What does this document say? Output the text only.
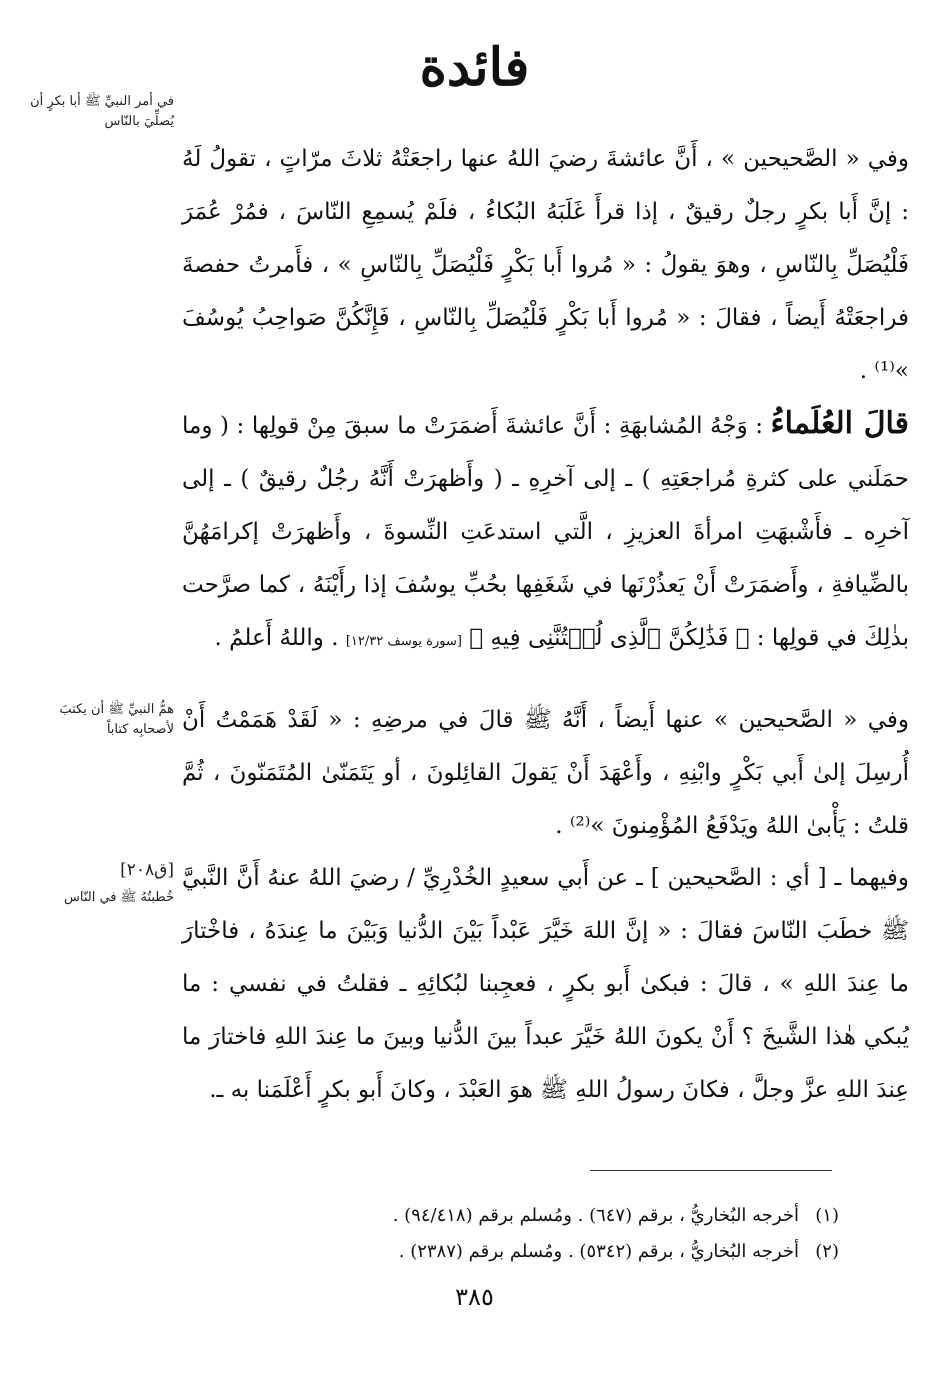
فائدة
في أمر النبيِّ ﷺ أبا بكرٍ أن يُصلِّيَ بالنّاس
همُّ النبيِّ ﷺ أن يكتبَ لأصحابِه كتاباً
[ق٢٠٨]
خُطبتُهُ ﷺ في النّاس
وفي « الصَّحيحين » ، أَنَّ عائشةَ رضيَ اللهُ عنها راجعَتْهُ ثلاثَ مرّاتٍ ، تقولُ لَهُ : إنَّ أَبا بكرٍ رجلٌ رقيقٌ ، إذا قرأَ غَلَبَهُ البُكاءُ ، فلَمْ يُسمِعِ النّاسَ ، فمُرْ عُمَرَ فَلْيُصَلِّ بِالنّاسِ ، وهوَ يقولُ : « مُروا أَبا بَكْرٍ فَلْيُصَلِّ بِالنّاسِ » ، فأَمرتُ حفصةَ فراجعَتْهُ أَيضاً ، فقالَ : « مُروا أَبا بَكْرٍ فَلْيُصَلِّ بِالنّاسِ ، فَإِنَّكُنَّ صَواحِبُ يُوسُفَ »⁽¹⁾ .
قالَ العُلَماءُ : وَجْهُ المُشابهَةِ : أَنَّ عائشةَ أَضمَرَتْ ما سبقَ مِنْ قولِها : ( وما حمَلَني على كثرةِ مُراجعَتِهِ ) ـ إلى آخرِهِ ـ ( وأَظهرَتْ أَنَّهُ رجُلٌ رقيقٌ ) ـ إلى آخرِه ـ فأَشْبهَتِ امرأةَ العزيزِ ، الَّتي استدعَتِ النِّسوةَ ، وأَظهرَتْ إكرامَهُنَّ بالضِّيافةِ ، وأَضمَرَتْ أَنْ يَعذُرْنَها في شَغَفِها بحُبِّ يوسُفَ إذا رأَيْنَهُ ، كما صرَّحت بذٰلِكَ في قولِها : ﴿ فَذَٰلِكُنَّ ٱلَّذِى لُمۡتُنَّنِى فِيهِ ﴾ [سورة يوسف ١٢/٣٢] . واللهُ أَعلمُ .
وفي « الصَّحيحين » عنها أَيضاً ، أَنَّهُ ﷺ قالَ في مرضِهِ : « لَقَدْ هَمَمْتُ أَنْ أُرسِلَ إلىٰ أَبي بَكْرٍ وابْنِهِ ، وأَعْهَدَ أَنْ يَقولَ القائِلونَ ، أو يَتَمَنّىٰ المُتَمَنّونَ ، ثُمَّ قلتُ : يَأْبىٰ اللهُ ويَدْفَعُ المُؤْمِنونَ »⁽²⁾ .
وفيهما ـ [ أي : الصَّحيحين ] ـ عن أَبي سعيدٍ الخُدْرِيِّ / رضيَ اللهُ عنهُ أَنَّ النَّبيَّ ﷺ خطَبَ النّاسَ فقالَ : « إنَّ اللهَ خَيَّرَ عَبْداً بَيْنَ الدُّنيا وَبَيْنَ ما عِندَهُ ، فاخْتارَ ما عِندَ اللهِ » ، قالَ : فبكىٰ أَبو بكرٍ ، فعجِبنا لبُكائِهِ ـ فقلتُ في نفسي : ما يُبكي هٰذا الشَّيخَ ؟ أَنْ يكونَ اللهُ خَيَّرَ عبداً بينَ الدُّنيا وبينَ ما عِندَ اللهِ فاختارَ ما عِندَ اللهِ عزَّ وجلَّ ، فكانَ رسولُ اللهِ ﷺ هوَ العَبْدَ ، وكانَ أَبو بكرٍ أَعْلَمَنا به ـ.
(١)
أخرجه البُخاريُّ ، برقم (٦٤٧) . ومُسلم برقم (٩٤/٤١٨) .
(٢)
أخرجه البُخاريُّ ، برقم (٥٣٤٢) . ومُسلم برقم (٢٣٨٧) .
٣٨٥
